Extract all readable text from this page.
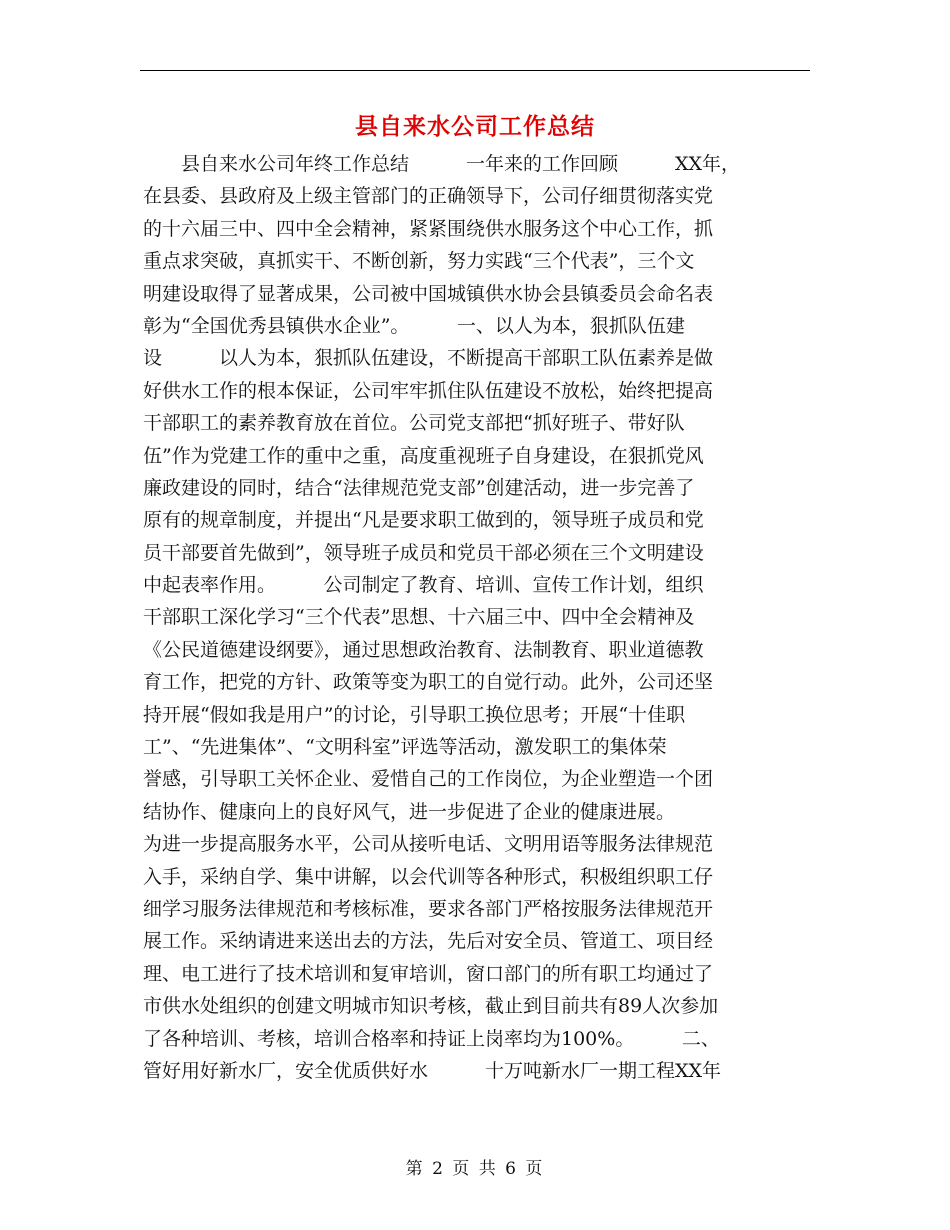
县自来水公司工作总结
　　县自来水公司年终工作总结　　　一年来的工作回顾　　　XX年，
在县委、县政府及上级主管部门的正确领导下，公司仔细贯彻落实党
的十六届三中、四中全会精神，紧紧围绕供水服务这个中心工作，抓
重点求突破，真抓实干、不断创新，努力实践“三个代表”，三个文
明建设取得了显著成果，公司被中国城镇供水协会县镇委员会命名表
彰为“全国优秀县镇供水企业”。　　　一、以人为本，狠抓队伍建
设　　　以人为本，狠抓队伍建设，不断提高干部职工队伍素养是做
好供水工作的根本保证，公司牢牢抓住队伍建设不放松，始终把提高
干部职工的素养教育放在首位。公司党支部把“抓好班子、带好队
伍”作为党建工作的重中之重，高度重视班子自身建设，在狠抓党风
廉政建设的同时，结合“法律规范党支部”创建活动，进一步完善了
原有的规章制度，并提出“凡是要求职工做到的，领导班子成员和党
员干部要首先做到”，领导班子成员和党员干部必须在三个文明建设
中起表率作用。　　　公司制定了教育、培训、宣传工作计划，组织
干部职工深化学习“三个代表”思想、十六届三中、四中全会精神及
《公民道德建设纲要》，通过思想政治教育、法制教育、职业道德教
育工作，把党的方针、政策等变为职工的自觉行动。此外，公司还坚
持开展“假如我是用户”的讨论，引导职工换位思考；开展“十佳职
工”、“先进集体”、“文明科室”评选等活动，激发职工的集体荣
誉感，引导职工关怀企业、爱惜自己的工作岗位，为企业塑造一个团
结协作、健康向上的良好风气，进一步促进了企业的健康进展。
为进一步提高服务水平，公司从接听电话、文明用语等服务法律规范
入手，采纳自学、集中讲解，以会代训等各种形式，积极组织职工仔
细学习服务法律规范和考核标准，要求各部门严格按服务法律规范开
展工作。采纳请进来送出去的方法，先后对安全员、管道工、项目经
理、电工进行了技术培训和复审培训，窗口部门的所有职工均通过了
市供水处组织的创建文明城市知识考核，截止到目前共有89人次参加
了各种培训、考核，培训合格率和持证上岗率均为100%。　　　二、
管好用好新水厂，安全优质供好水　　　十万吨新水厂一期工程XX年
第 2 页 共 6 页
